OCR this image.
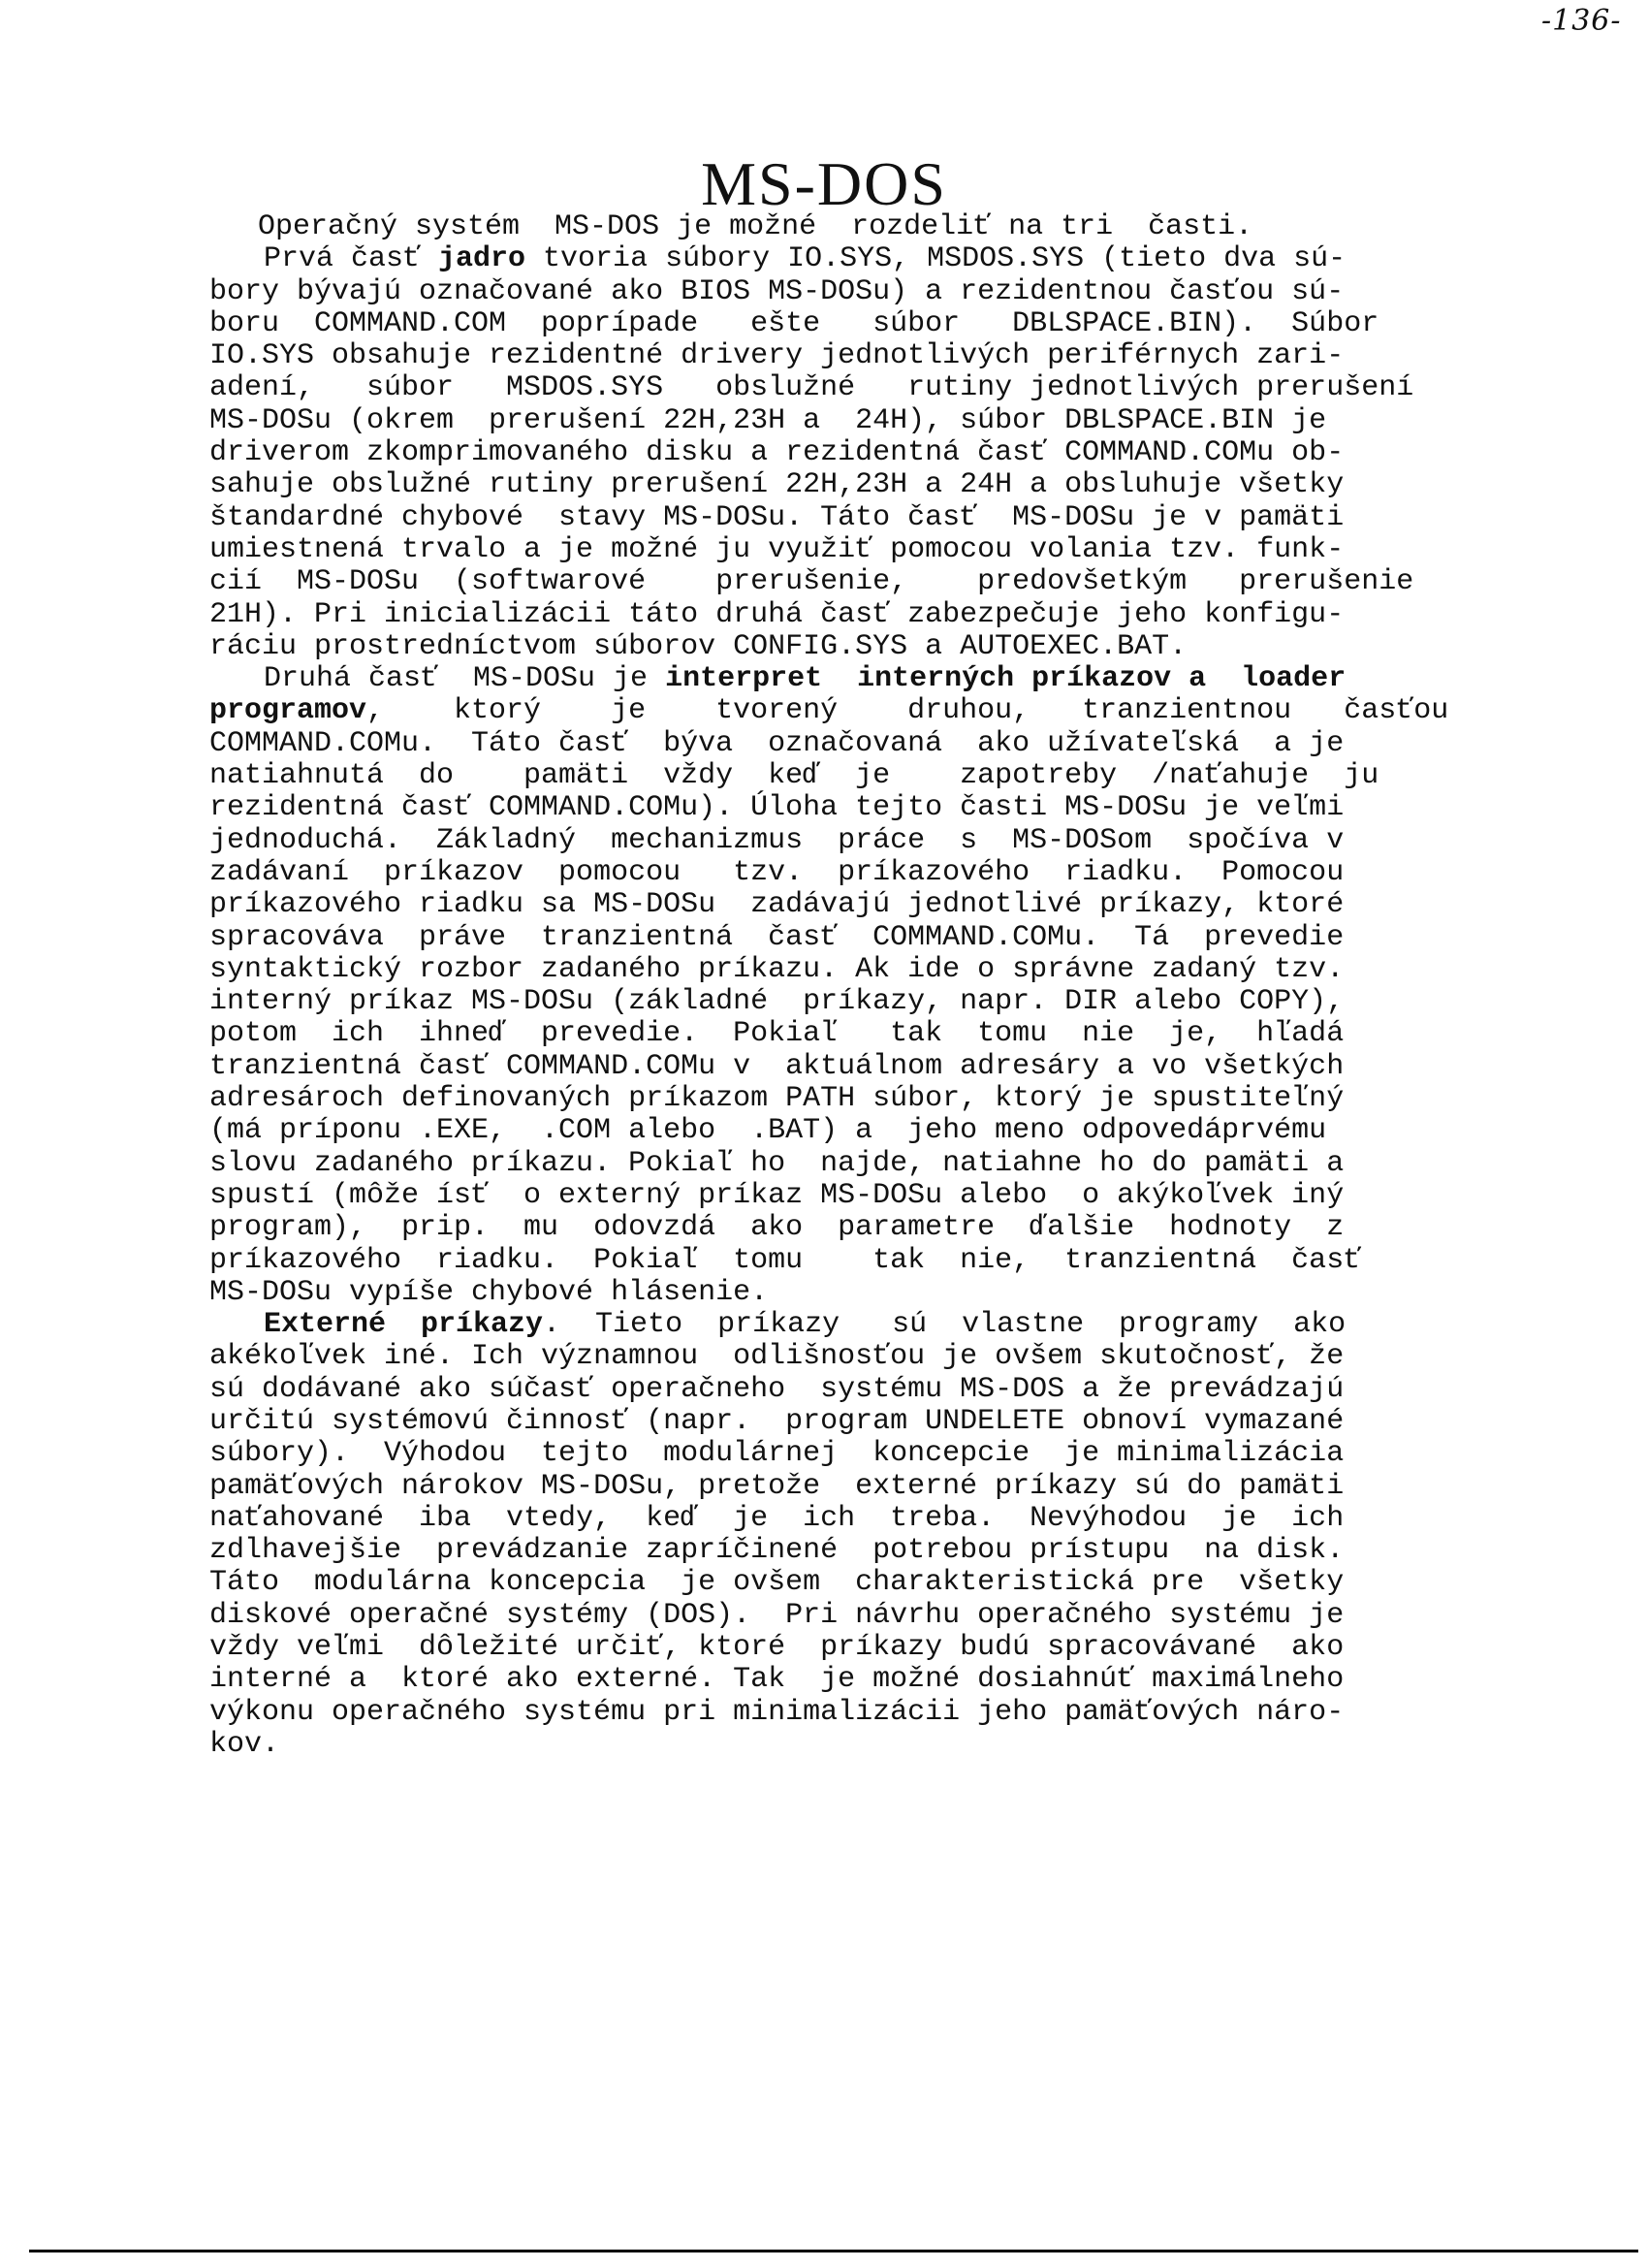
-136-
MS-DOS
Operačný systém  MS-DOS je možné  rozdeliť na tri  časti.
Prvá časť jadro tvoria súbory IO.SYS, MSDOS.SYS (tieto dva sú-
bory bývajú označované ako BIOS MS-DOSu) a rezidentnou časťou sú-
boru  COMMAND.COM  poprípade   ešte   súbor   DBLSPACE.BIN).  Súbor
IO.SYS obsahuje rezidentné drivery jednotlivých periférnych zari-
adení,   súbor   MSDOS.SYS   obslužné   rutiny jednotlivých prerušení
MS-DOSu (okrem  prerušení 22H,23H a  24H), súbor DBLSPACE.BIN je
driverom zkomprimovaného disku a rezidentná časť COMMAND.COMu ob-
sahuje obslužné rutiny prerušení 22H,23H a 24H a obsluhuje všetky
štandardné chybové  stavy MS-DOSu. Táto časť  MS-DOSu je v pamäti
umiestnená trvalo a je možné ju využiť pomocou volania tzv. funk-
cií  MS-DOSu  (softwarové    prerušenie,    predovšetkým   prerušenie
21H). Pri inicializácii táto druhá časť zabezpečuje jeho konfigu-
ráciu prostredníctvom súborov CONFIG.SYS a AUTOEXEC.BAT.
Druhá časť  MS-DOSu je interpret  interných príkazov a  loader
programov,    ktorý    je    tvorený    druhou,   tranzientnou   časťou
COMMAND.COMu.  Táto časť  býva  označovaná  ako užívateľská  a je
natiahnutá  do    pamäti  vždy  keď  je    zapotreby  /naťahuje  ju
rezidentná časť COMMAND.COMu). Úloha tejto časti MS-DOSu je veľmi
jednoduchá.  Základný  mechanizmus  práce  s  MS-DOSom  spočíva v
zadávaní  príkazov  pomocou   tzv.  príkazového  riadku.  Pomocou
príkazového riadku sa MS-DOSu  zadávajú jednotlivé príkazy, ktoré
spracováva  práve  tranzientná  časť  COMMAND.COMu.  Tá  prevedie
syntaktický rozbor zadaného príkazu. Ak ide o správne zadaný tzv.
interný príkaz MS-DOSu (základné  príkazy, napr. DIR alebo COPY),
potom  ich  ihneď  prevedie.  Pokiaľ   tak  tomu  nie  je,  hľadá
tranzientná časť COMMAND.COMu v  aktuálnom adresáry a vo všetkých
adresároch definovaných príkazom PATH súbor, ktorý je spustiteľný
(má príponu .EXE,  .COM alebo  .BAT) a  jeho meno odpovedáprvému
slovu zadaného príkazu. Pokiaľ ho  najde, natiahne ho do pamäti a
spustí (môže ísť  o externý príkaz MS-DOSu alebo  o akýkoľvek iný
program),  prip.  mu  odovzdá  ako  parametre  ďalšie  hodnoty  z
príkazového  riadku.  Pokiaľ  tomu    tak  nie,  tranzientná  časť
MS-DOSu vypíše chybové hlásenie.
Externé  príkazy.  Tieto  príkazy   sú  vlastne  programy  ako
akékoľvek iné. Ich významnou  odlišnosťou je ovšem skutočnosť, že
sú dodávané ako súčasť operačneho  systému MS-DOS a že prevádzajú
určitú systémovú činnosť (napr.  program UNDELETE obnoví vymazané
súbory).  Výhodou  tejto  modulárnej  koncepcie  je minimalizácia
pamäťových nárokov MS-DOSu, pretože  externé príkazy sú do pamäti
naťahované  iba  vtedy,  keď  je  ich  treba.  Nevýhodou  je  ich
zdlhavejšie  prevádzanie zapríčinené  potrebou prístupu  na disk.
Táto  modulárna koncepcia  je ovšem  charakteristická pre  všetky
diskové operačné systémy (DOS).  Pri návrhu operačného systému je
vždy veľmi  dôležité určiť, ktoré  príkazy budú spracovávané  ako
interné a  ktoré ako externé. Tak  je možné dosiahnúť maximálneho
výkonu operačného systému pri minimalizácii jeho pamäťových náro-
kov.
